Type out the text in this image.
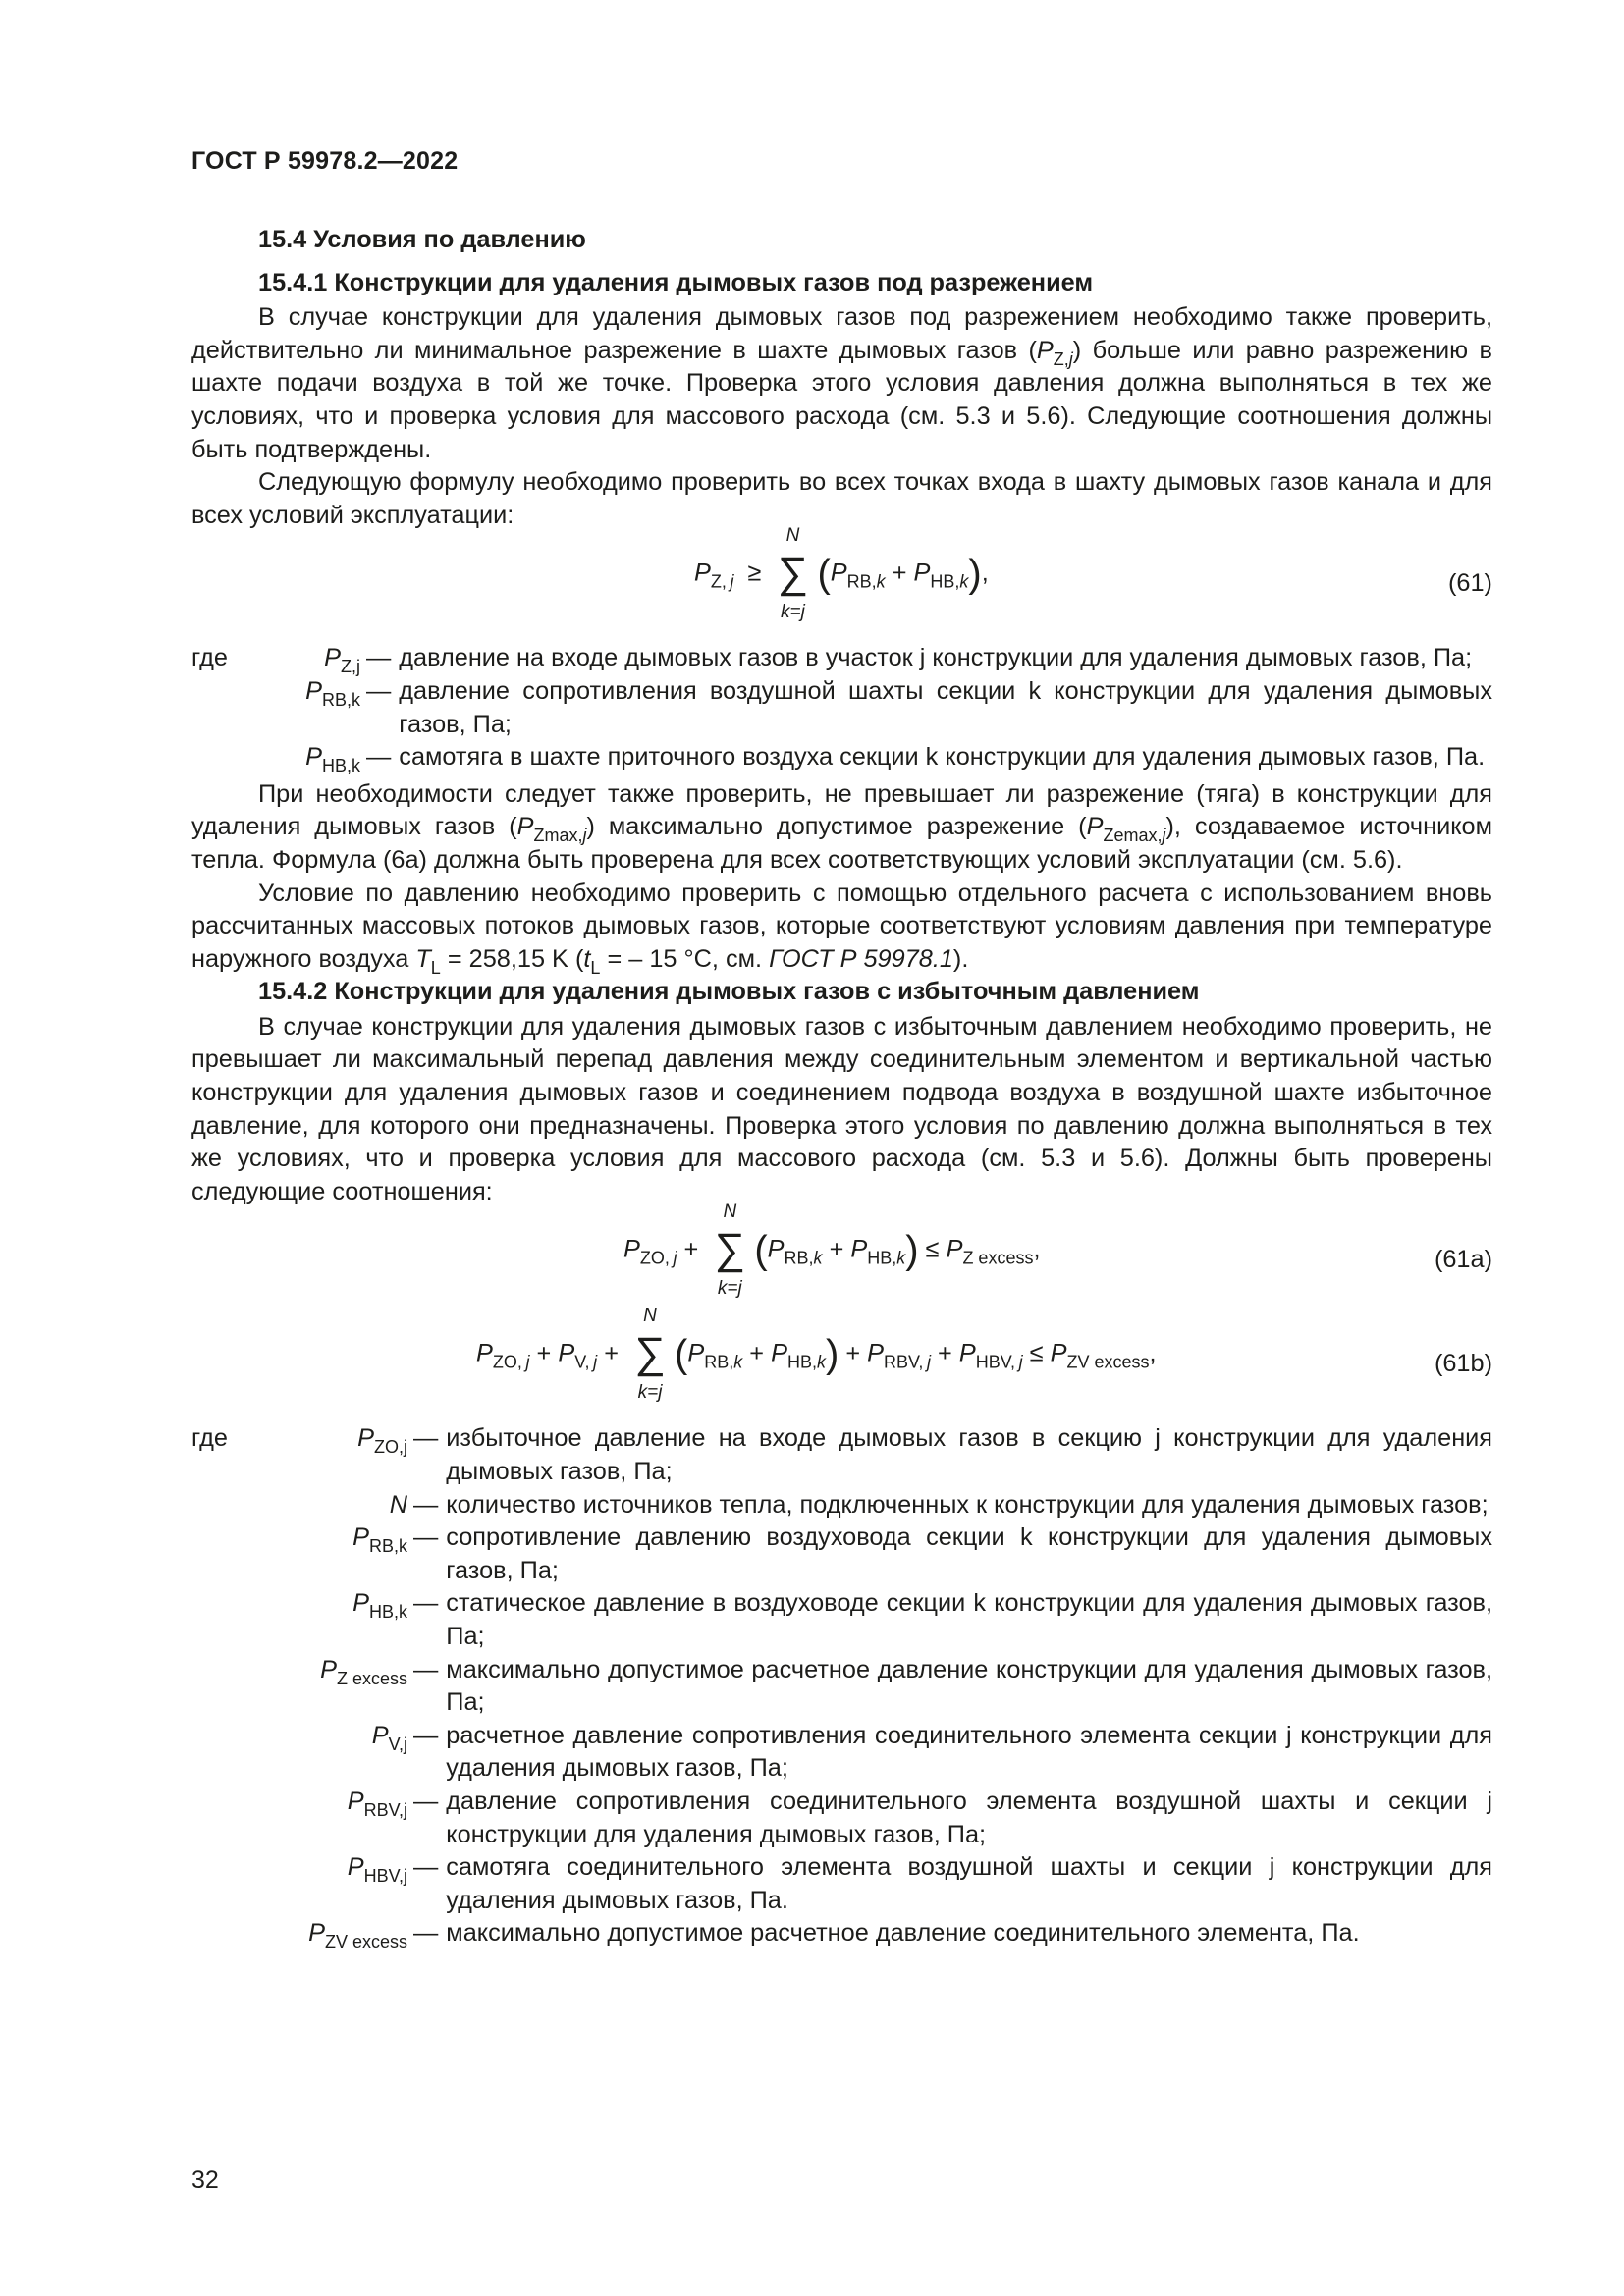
ГОСТ Р 59978.2—2022
15.4 Условия по давлению
15.4.1 Конструкции для удаления дымовых газов под разрежением

В случае конструкции для удаления дымовых газов под разрежением необходимо также проверить, действительно ли минимальное разрежение в шахте дымовых газов $(P_{Z,j})$ больше или равно разрежению в шахте подачи воздуха в той же точке. Проверка этого условия давления должна выполняться в тех же условиях, что и проверка условия для массового расхода (см. 5.3 и 5.6). Следующие соотношения должны быть подтверждены.

Следующую формулу необходимо проверить во всех точках входа в шахту дымовых газов канала и для всех условий эксплуатации:

$P_{Z, j}$  ≥
N
∑
k=j
$(P_{RB,k} + P_{HB,k})$,	(61)
где	$P_{Z,j}$ — давление на входе дымовых газов в участок j конструкции для удаления дымовых газов, Па;
$P_{RB,k}$ — давление сопротивления воздушной шахты секции k конструкции для удаления дымовых газов, Па;
$P_{HB,k}$ — самотяга в шахте приточного воздуха секции k конструкции для удаления дымовых газов, Па.

При необходимости следует также проверить, не превышает ли разрежение (тяга) в конструкции для удаления дымовых газов $(P_{Zmax,j})$ максимально допустимое разрежение $(P_{Zemax,j})$, создаваемое источником тепла. Формула (6а) должна быть проверена для всех соответствующих условий эксплуатации (см. 5.6).

Условие по давлению необходимо проверить с помощью отдельного расчета с использованием вновь рассчитанных массовых потоков дымовых газов, которые соответствуют условиям давления при температуре наружного воздуха $T_L = 258,15$ K ($t_L$ = – 15 °С, см. ГОСТ Р 59978.1).

15.4.2 Конструкции для удаления дымовых газов с избыточным давлением

В случае конструкции для удаления дымовых газов с избыточным давлением необходимо проверить, не превышает ли максимальный перепад давления между соединительным элементом и вертикальной частью конструкции для удаления дымовых газов и соединением подвода воздуха в воздушной шахте избыточное давление, для которого они предназначены. Проверка этого условия по давлению должна выполняться в тех же условиях, что и проверка условия для массового расхода (см. 5.3 и 5.6). Должны быть проверены следующие соотношения:

$P_{ZO, j}$ +
N
∑
k=j
$(P_{RB,k} + P_{HB,k}) \le P_{Z excess}$,	(61а)
$P_{ZO, j} + P_{V, j}$ +
N
∑
k=j
$(P_{RB,k} + P_{HB,k}) + P_{RBV, j} + P_{HBV, j} \le P_{ZV excess}$,	(61b)
где	$P_{ZO,j}$ — избыточное давление на входе дымовых газов в секцию j конструкции для удаления дымовых газов, Па;
N — количество источников тепла, подключенных к конструкции для удаления дымовых газов;
$P_{RB,k}$ — сопротивление давлению воздуховода секции k конструкции для удаления дымовых газов, Па;
$P_{HB,k}$ — статическое давление в воздуховоде секции k конструкции для удаления дымовых газов, Па;
$P_{Z excess}$ — максимально допустимое расчетное давление конструкции для удаления дымовых газов, Па;
$P_{V,j}$ — расчетное давление сопротивления соединительного элемента секции j конструкции для удаления дымовых газов, Па;
$P_{RBV,j}$ — давление сопротивления соединительного элемента воздушной шахты и секции j конструкции для удаления дымовых газов, Па;
$P_{HBV,j}$ — самотяга соединительного элемента воздушной шахты и секции j конструкции для удаления дымовых газов, Па.
$P_{ZV excess}$ — максимально допустимое расчетное давление соединительного элемента, Па.
32
